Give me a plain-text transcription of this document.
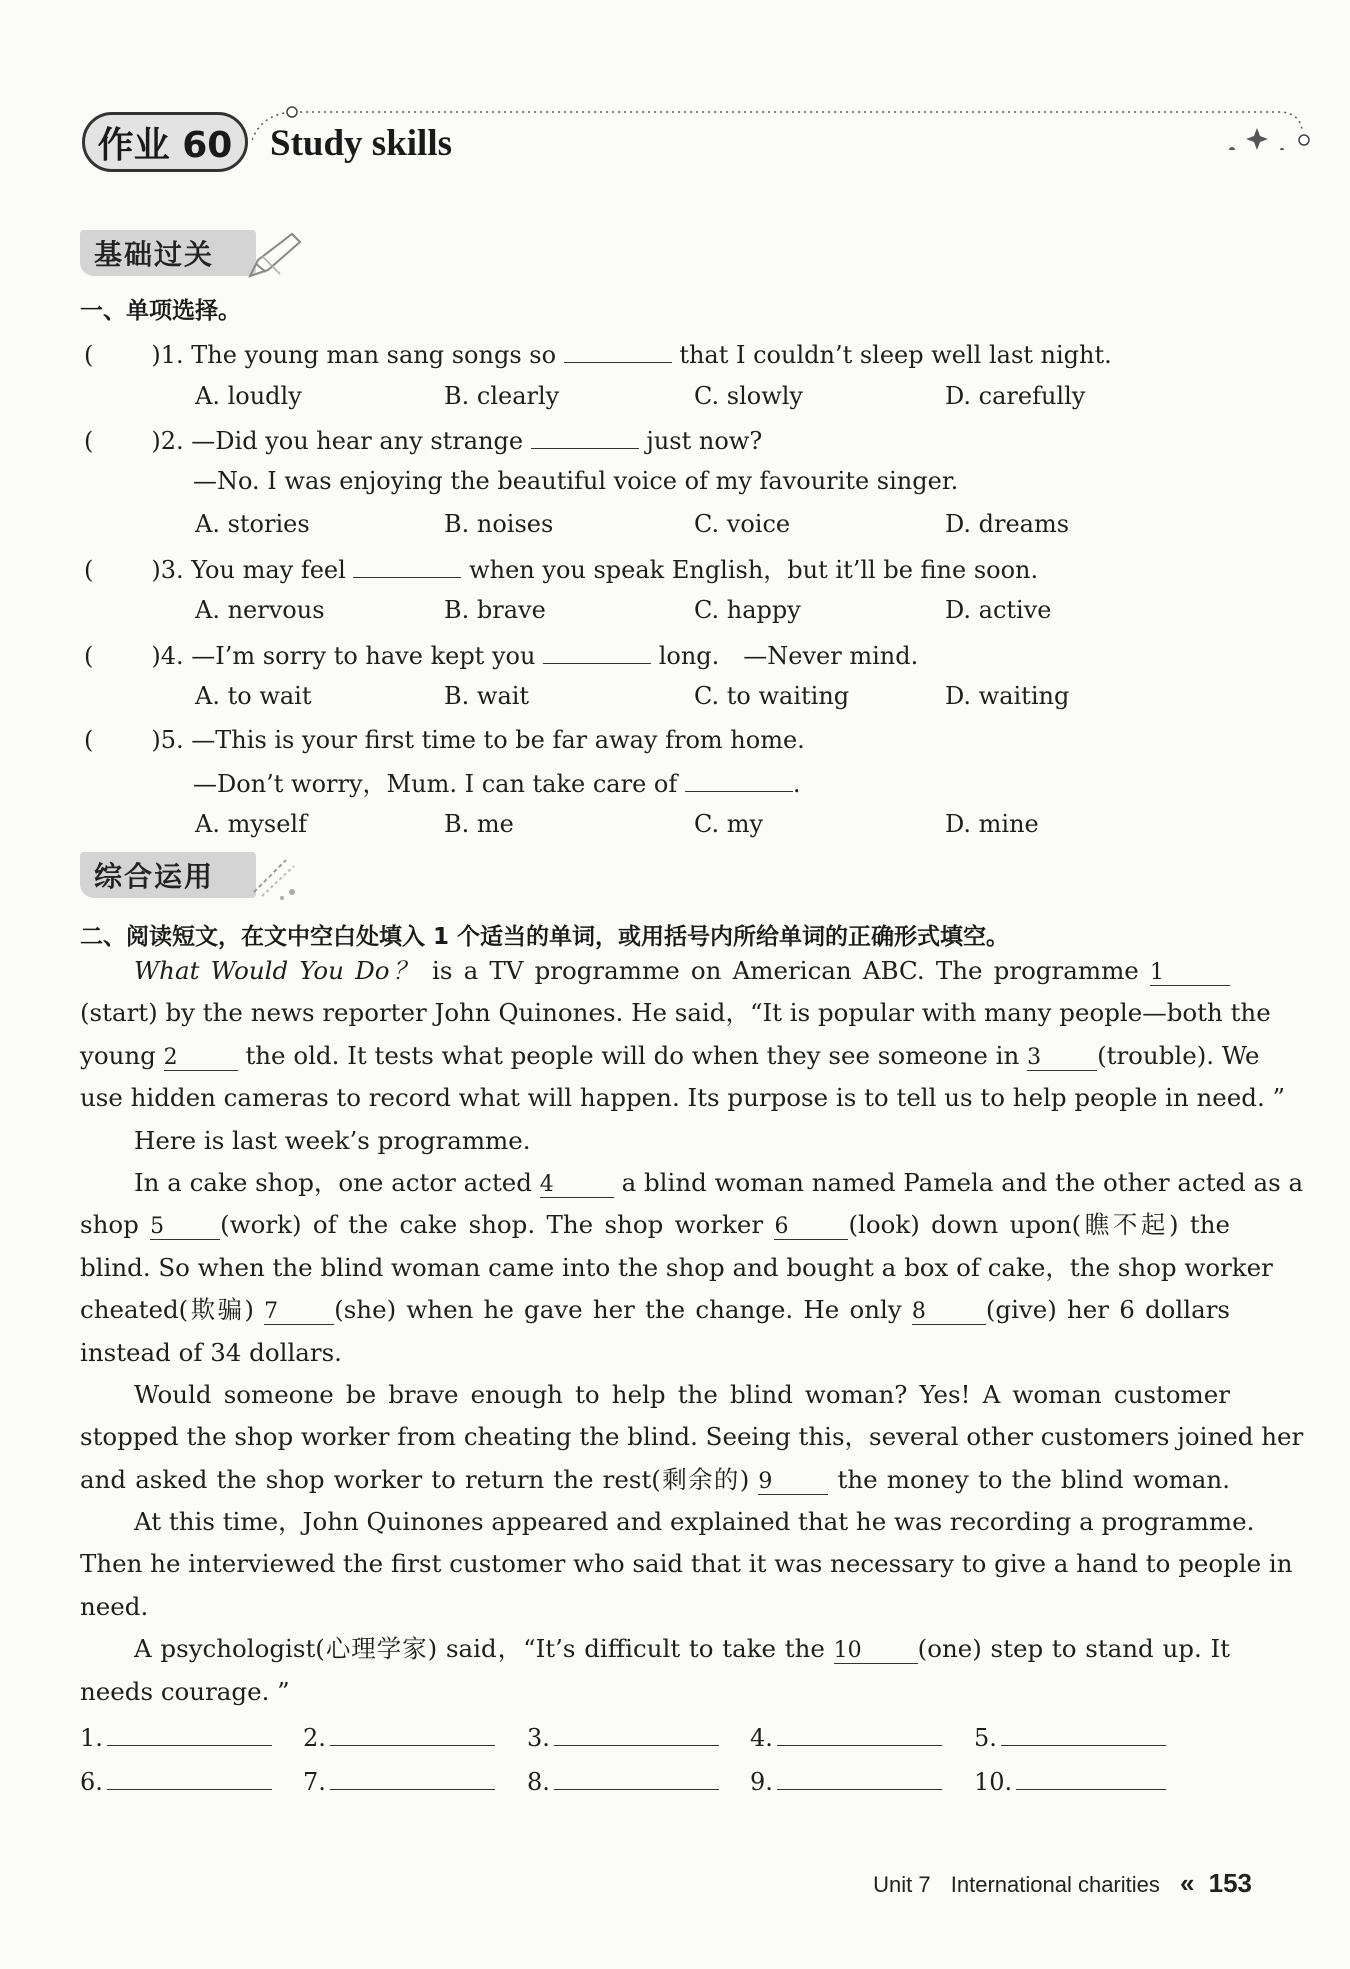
作业 60	Study skills
基础过关
一、单项选择。
( )1. The young man sang songs so	that I couldn’t sleep well last night.
A. loudly	B. clearly	C. slowly	D. carefully
( )2. —Did you hear any strange	just now?
—No. I was enjoying the beautiful voice of my favourite singer.
A. stories	B. noises	C. voice	D. dreams
( )3. You may feel	when you speak English，but it’ll be fine soon.
A. nervous	B. brave	C. happy	D. active
( )4. —I’m sorry to have kept you	long.　—Never mind.
A. to wait	B. wait	C. to waiting	D. waiting
( )5. —This is your first time to be far away from home.
—Don’t worry，Mum. I can take care of	.
A. myself	B. me	C. my	D. mine
综合运用
二、阅读短文，在文中空白处填入 1 个适当的单词，或用括号内所给单词的正确形式填空。
What Would You Do？ is a TV programme on American ABC. The programme 1
(start) by the news reporter John Quinones. He said，“It is popular with many people—both the
young 2	the old. It tests what people will do when they see someone in 3 (trouble). We
use hidden cameras to record what will happen. Its purpose is to tell us to help people in need. ”
Here is last week’s programme.
In a cake shop，one actor acted 4	a blind woman named Pamela and the other acted as a
shop 5 (work) of the cake shop. The shop worker 6 (look) down upon(瞧不起) the
blind. So when the blind woman came into the shop and bought a box of cake，the shop worker
cheated(欺骗) 7 (she) when he gave her the change. He only 8 (give) her 6 dollars
instead of 34 dollars.
Would someone be brave enough to help the blind woman? Yes! A woman customer
stopped the shop worker from cheating the blind. Seeing this，several other customers joined her
and asked the shop worker to return the rest(剩余的) 9	the money to the blind woman.
At this time，John Quinones appeared and explained that he was recording a programme.
Then he interviewed the first customer who said that it was necessary to give a hand to people in
need.
A psychologist(心理学家) said，“It’s difficult to take the 10 (one) step to stand up. It
needs courage. ”
1.	2.	3.	4.	5.
6.	7.	8.	9.	10.
Unit 7 International charities « 153
